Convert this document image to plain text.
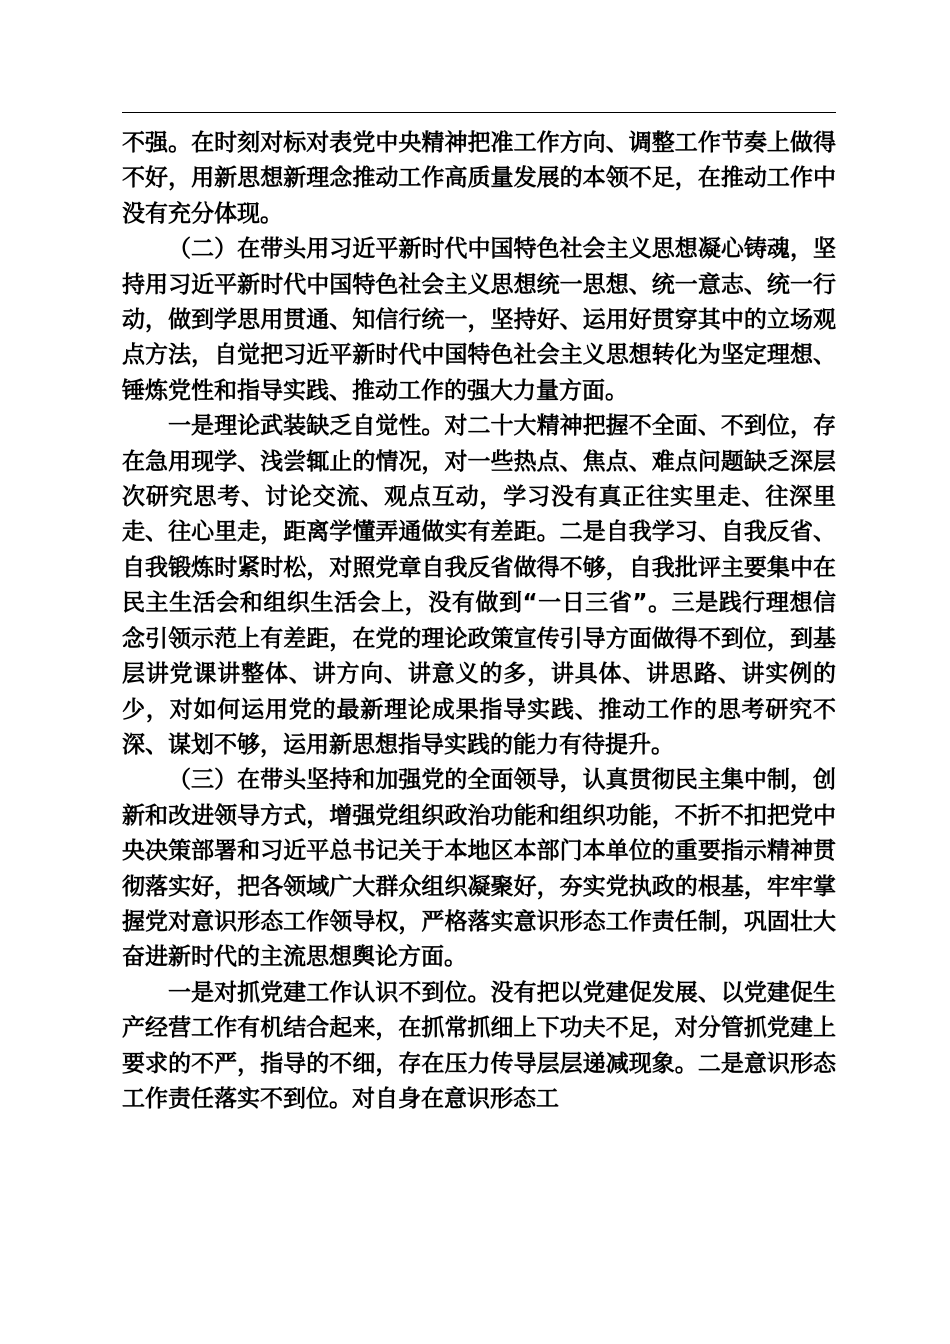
不强。在时刻对标对表党中央精神把准工作方向、调整工作节奏上做得不好，用新思想新理念推动工作高质量发展的本领不足，在推动工作中没有充分体现。

（二）在带头用习近平新时代中国特色社会主义思想凝心铸魂，坚持用习近平新时代中国特色社会主义思想统一思想、统一意志、统一行动，做到学思用贯通、知信行统一，坚持好、运用好贯穿其中的立场观点方法，自觉把习近平新时代中国特色社会主义思想转化为坚定理想、锤炼党性和指导实践、推动工作的强大力量方面。

一是理论武装缺乏自觉性。对二十大精神把握不全面、不到位，存在急用现学、浅尝辄止的情况，对一些热点、焦点、难点问题缺乏深层次研究思考、讨论交流、观点互动，学习没有真正往实里走、往深里走、往心里走，距离学懂弄通做实有差距。二是自我学习、自我反省、自我锻炼时紧时松，对照党章自我反省做得不够，自我批评主要集中在民主生活会和组织生活会上，没有做到“一日三省”。三是践行理想信念引领示范上有差距，在党的理论政策宣传引导方面做得不到位，到基层讲党课讲整体、讲方向、讲意义的多，讲具体、讲思路、讲实例的少，对如何运用党的最新理论成果指导实践、推动工作的思考研究不深、谋划不够，运用新思想指导实践的能力有待提升。

（三）在带头坚持和加强党的全面领导，认真贯彻民主集中制，创新和改进领导方式，增强党组织政治功能和组织功能，不折不扣把党中央决策部署和习近平总书记关于本地区本部门本单位的重要指示精神贯彻落实好，把各领域广大群众组织凝聚好，夯实党执政的根基，牢牢掌握党对意识形态工作领导权，严格落实意识形态工作责任制，巩固壮大奋进新时代的主流思想舆论方面。

一是对抓党建工作认识不到位。没有把以党建促发展、以党建促生产经营工作有机结合起来，在抓常抓细上下功夫不足，对分管抓党建上要求的不严，指导的不细，存在压力传导层层递减现象。二是意识形态工作责任落实不到位。对自身在意识形态工
